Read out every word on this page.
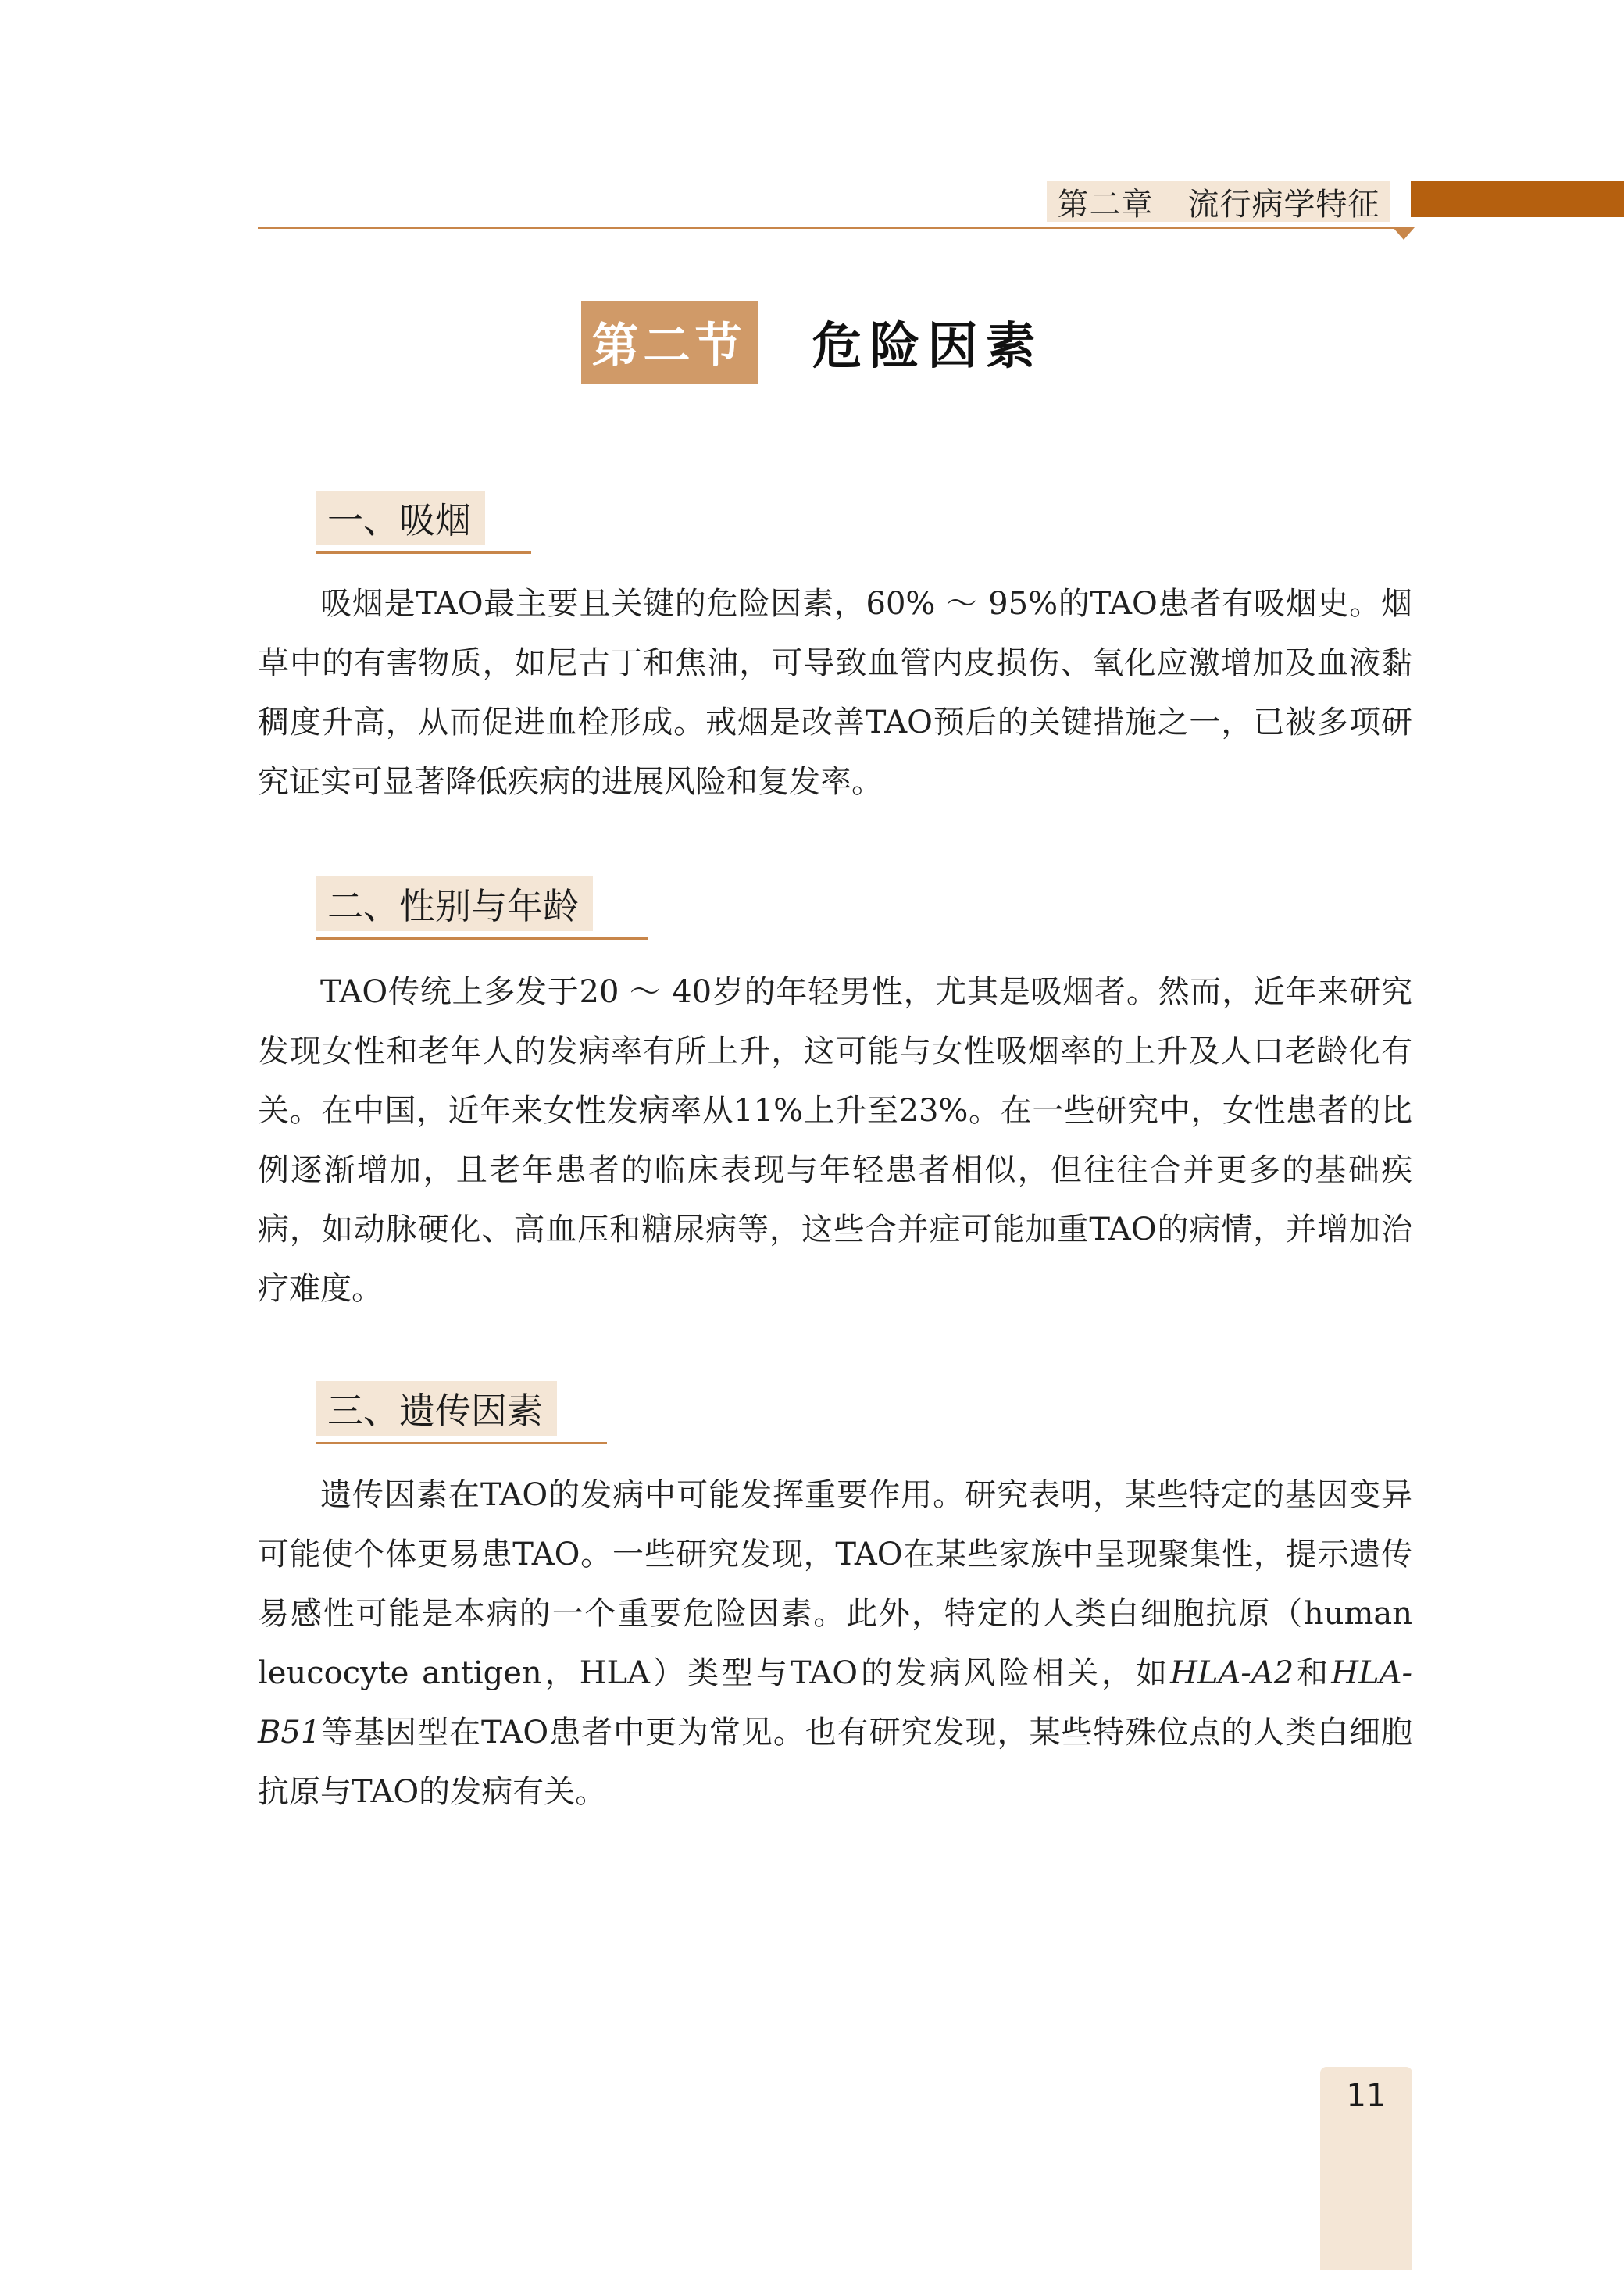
第二章 流行病学特征
第二节 危险因素
一、吸烟

吸烟是TAO最主要且关键的危险因素，60% ～ 95%的TAO患者有吸烟史。烟草中的有害物质，如尼古丁和焦油，可导致血管内皮损伤、氧化应激增加及血液黏稠度升高，从而促进血栓形成。戒烟是改善TAO预后的关键措施之一，已被多项研究证实可显著降低疾病的进展风险和复发率。

二、性别与年龄

TAO传统上多发于20 ～ 40岁的年轻男性，尤其是吸烟者。然而，近年来研究发现女性和老年人的发病率有所上升，这可能与女性吸烟率的上升及人口老龄化有关。在中国，近年来女性发病率从11%上升至23%。在一些研究中，女性患者的比例逐渐增加，且老年患者的临床表现与年轻患者相似，但往往合并更多的基础疾病，如动脉硬化、高血压和糖尿病等，这些合并症可能加重TAO的病情，并增加治疗难度。

三、遗传因素

遗传因素在TAO的发病中可能发挥重要作用。研究表明，某些特定的基因变异可能使个体更易患TAO。一些研究发现，TAO在某些家族中呈现聚集性，提示遗传易感性可能是本病的一个重要危险因素。此外，特定的人类白细胞抗原（human leucocyte antigen，HLA）类型与TAO的发病风险相关，如HLA-A2和HLA-B51等基因型在TAO患者中更为常见。也有研究发现，某些特殊位点的人类白细胞抗原与TAO的发病有关。

11
